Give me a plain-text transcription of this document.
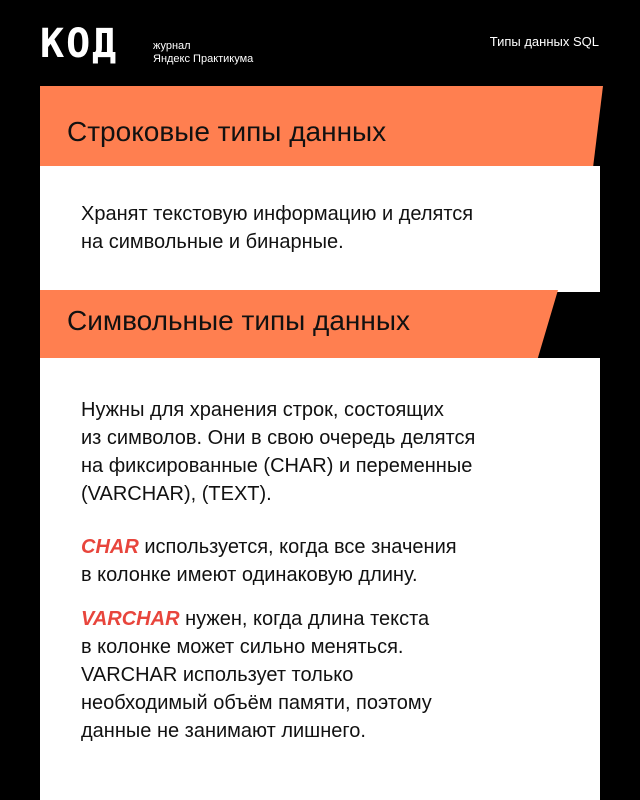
КОД	журнал
Яндекс Практикума
Типы данных SQL
Строковые типы данных
Хранят текстовую информацию и делятся
на символьные и бинарные.
Символьные типы данных
Нужны для хранения строк, состоящих
из символов. Они в свою очередь делятся
на фиксированные (CHAR) и переменные
(VARCHAR), (TEXT).
CHAR используется, когда все значения
в колонке имеют одинаковую длину.
VARCHAR нужен, когда длина текста
в колонке может сильно меняться.
VARCHAR использует только
необходимый объём памяти, поэтому
данные не занимают лишнего.
